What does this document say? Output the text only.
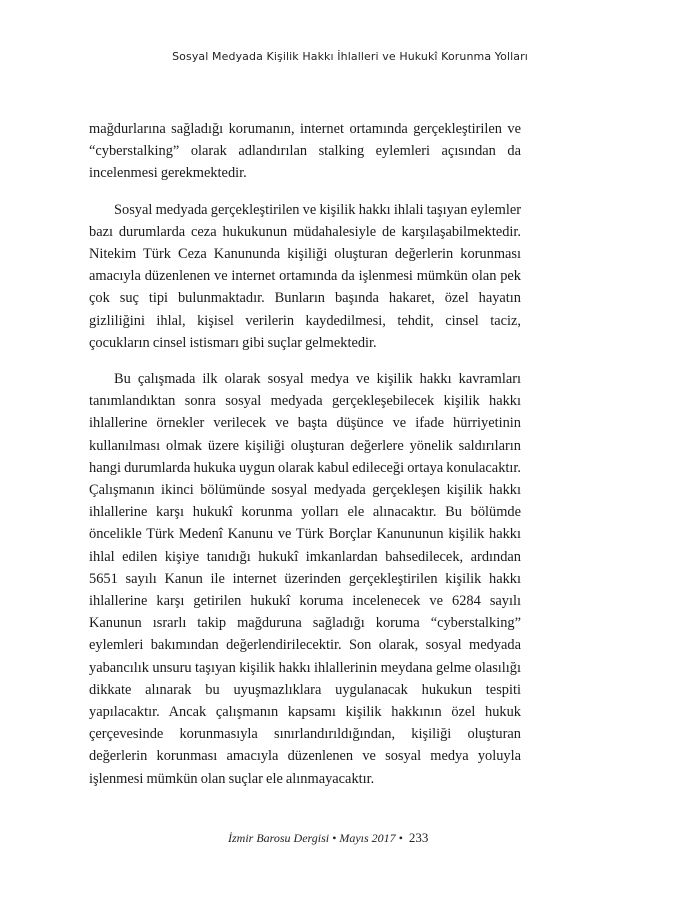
Sosyal Medyada Kişilik Hakkı İhlalleri ve Hukukî Korunma Yolları

mağdurlarına sağladığı korumanın, internet ortamında gerçekleştirilen ve “cyberstalking” olarak adlandırılan stalking eylemleri açısından da incelenmesi gerekmektedir.

Sosyal medyada gerçekleştirilen ve kişilik hakkı ihlali taşıyan eylemler bazı durumlarda ceza hukukunun müdahalesiyle de karşılaşabilmektedir. Nitekim Türk Ceza Kanununda kişiliği oluşturan değerlerin korunması amacıyla düzenlenen ve internet ortamında da işlenmesi mümkün olan pek çok suç tipi bulunmaktadır. Bunların başında hakaret, özel hayatın gizliliğini ihlal, kişisel verilerin kaydedilmesi, tehdit, cinsel taciz, çocukların cinsel istismarı gibi suçlar gelmektedir.

Bu çalışmada ilk olarak sosyal medya ve kişilik hakkı kavramları tanımlandıktan sonra sosyal medyada gerçekleşebilecek kişilik hakkı ihlallerine örnekler verilecek ve başta düşünce ve ifade hürriyetinin kullanılması olmak üzere kişiliği oluşturan değerlere yönelik saldırıların hangi durumlarda hukuka uygun olarak kabul edileceği ortaya konulacaktır. Çalışmanın ikinci bölümünde sosyal medyada gerçekleşen kişilik hakkı ihlallerine karşı hukukî korunma yolları ele alınacaktır. Bu bölümde öncelikle Türk Medenî Kanunu ve Türk Borçlar Kanununun kişilik hakkı ihlal edilen kişiye tanıdığı hukukî imkanlardan bahsedilecek, ardından 5651 sayılı Kanun ile internet üzerinden gerçekleştirilen kişilik hakkı ihlallerine karşı getirilen hukukî koruma incelenecek ve 6284 sayılı Kanunun ısrarlı takip mağduruna sağladığı koruma “cyberstalking” eylemleri bakımından değerlendirilecektir. Son olarak, sosyal medyada yabancılık unsuru taşıyan kişilik hakkı ihlallerinin meydana gelme olasılığı dikkate alınarak bu uyuşmazlıklara uygulanacak hukukun tespiti yapılacaktır. Ancak çalışmanın kapsamı kişilik hakkının özel hukuk çerçevesinde korunmasıyla sınırlandırıldığından, kişiliği oluşturan değerlerin korunması amacıyla düzenlenen ve sosyal medya yoluyla işlenmesi mümkün olan suçlar ele alınmayacaktır.

İzmir Barosu Dergisi • Mayıs 2017 • 233
